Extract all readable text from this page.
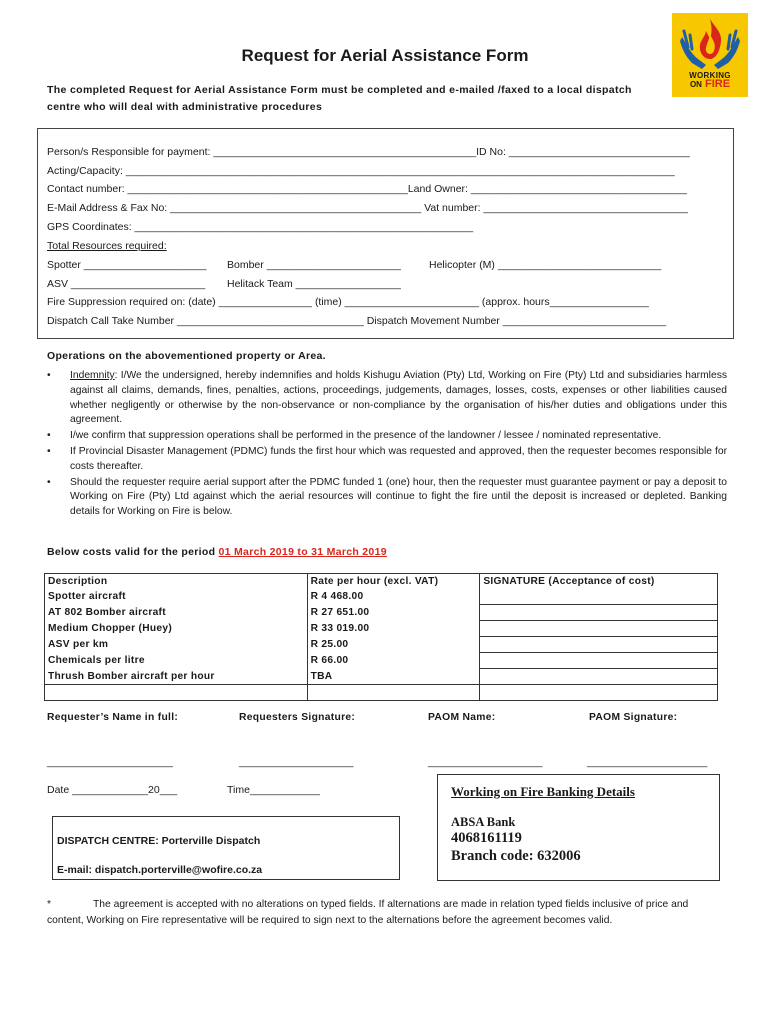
WORKING
ON FIRE
Request for Aerial Assistance Form
The completed Request for Aerial Assistance Form must be completed and e-mailed /faxed to a local dispatch centre who will deal with administrative procedures
Person/s Responsible for payment: _____________________________________________ID No: _______________________________
Acting/Capacity: ______________________________________________________________________________________________
Contact number: ________________________________________________Land Owner: _____________________________________
E-Mail Address & Fax No: ___________________________________________ Vat number: ___________________________________
GPS Coordinates: __________________________________________________________
Total Resources required:
Spotter _____________________ Bomber _______________________	Helicopter (M) ____________________________
ASV _______________________ Helitack Team __________________
Fire Suppression required on: (date) ________________ (time) _______________________ (approx. hours_________________
Dispatch Call Take Number ________________________________ Dispatch Movement Number ____________________________
Operations on the abovementioned property or Area.
• Indemnity: I/We the undersigned, hereby indemnifies and holds Kishugu Aviation (Pty) Ltd, Working on Fire (Pty) Ltd and subsidiaries harmless against all claims, demands, fines, penalties, actions, proceedings, judgements, damages, losses, costs, expenses or other liabilities caused whether negligently or otherwise by the non-observance or non-compliance by the organisation of his/her duties and obligations under this agreement.
• I/we confirm that suppression operations shall be performed in the presence of the landowner / lessee / nominated representative.
• If Provincial Disaster Management (PDMC) funds the first hour which was requested and approved, then the requester becomes responsible for costs thereafter.
• Should the requester require aerial support after the PDMC funded 1 (one) hour, then the requester must guarantee payment or pay a deposit to Working on Fire (Pty) Ltd against which the aerial resources will continue to fight the fire until the deposit is increased or depleted. Banking details for Working on Fire is below.
Below costs valid for the period 01 March 2019 to 31 March 2019
Description	Rate per hour (excl. VAT)	SIGNATURE (Acceptance of cost)
Spotter aircraft	R 4 468.00	
AT 802 Bomber aircraft	R 27 651.00	
Medium Chopper (Huey)	R 33 019.00	
ASV per km	R 25.00	
Chemicals per litre	R 66.00	
Thrush Bomber aircraft per hour	TBA	

Requester’s Name in full:	Requesters Signature:	PAOM Name:	PAOM Signature:
______________________	____________________	____________________	_____________________
Date _____________20___	Time____________
DISPATCH CENTRE: Porterville Dispatch
E-mail: dispatch.porterville@wofire.co.za
Working on Fire Banking Details
ABSA Bank
4068161119
Branch code: 632006
*	The agreement is accepted with no alterations on typed fields. If alternations are made in relation typed fields inclusive of price and content, Working on Fire representative will be required to sign next to the alternations before the agreement becomes valid.
